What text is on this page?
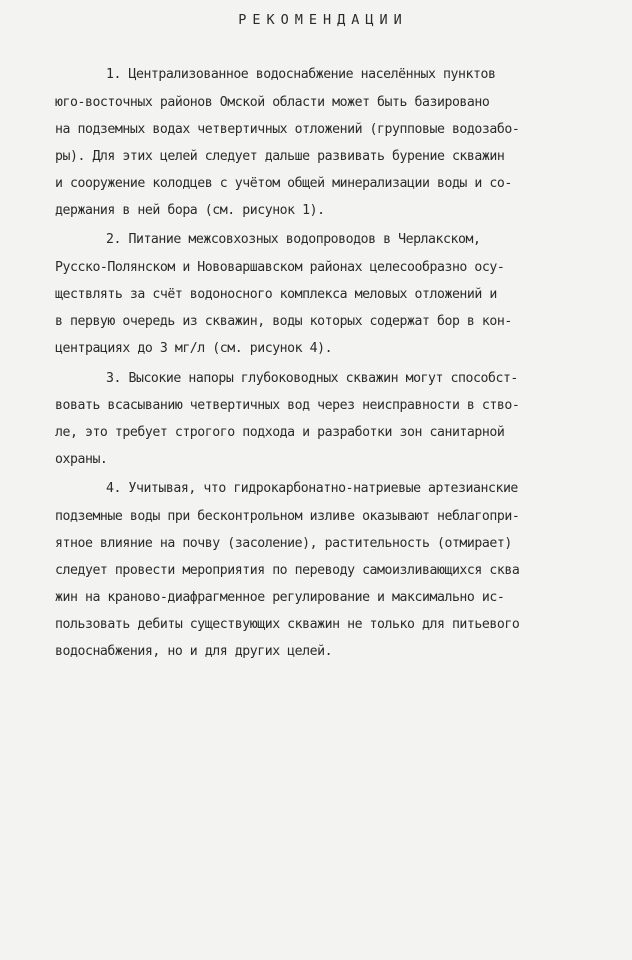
РЕКОМЕНДАЦИИ
1. Централизованное водоснабжение населённых пунктов
юго-восточных районов Омской области может быть базировано
на подземных водах четвертичных отложений (групповые водозабо-
ры). Для этих целей следует дальше развивать бурение скважин
и сооружение колодцев с учётом общей минерализации воды и со-
держания в ней бора (см. рисунок 1).
2. Питание межсовхозных водопроводов в Черлакском,
Русско-Полянском и Нововаршавском районах целесообразно осу-
ществлять за счёт водоносного комплекса меловых отложений и
в первую очередь из скважин, воды которых содержат бор в кон-
центрациях до 3 мг/л (см. рисунок 4).
3. Высокие напоры глубоководных скважин могут способст-
вовать всасыванию четвертичных вод через неисправности в ство-
ле, это требует строгого подхода и разработки зон санитарной
охраны.
4. Учитывая, что гидрокарбонатно-натриевые артезианские
подземные воды при бесконтрольном изливе оказывают неблагопри-
ятное влияние на почву (засоление), растительность (отмирает)
следует провести мероприятия по переводу самоизливающихся сква
жин на краново-диафрагменное регулирование и максимально ис-
пользовать дебиты существующих скважин не только для питьевого
водоснабжения, но и для других целей.
